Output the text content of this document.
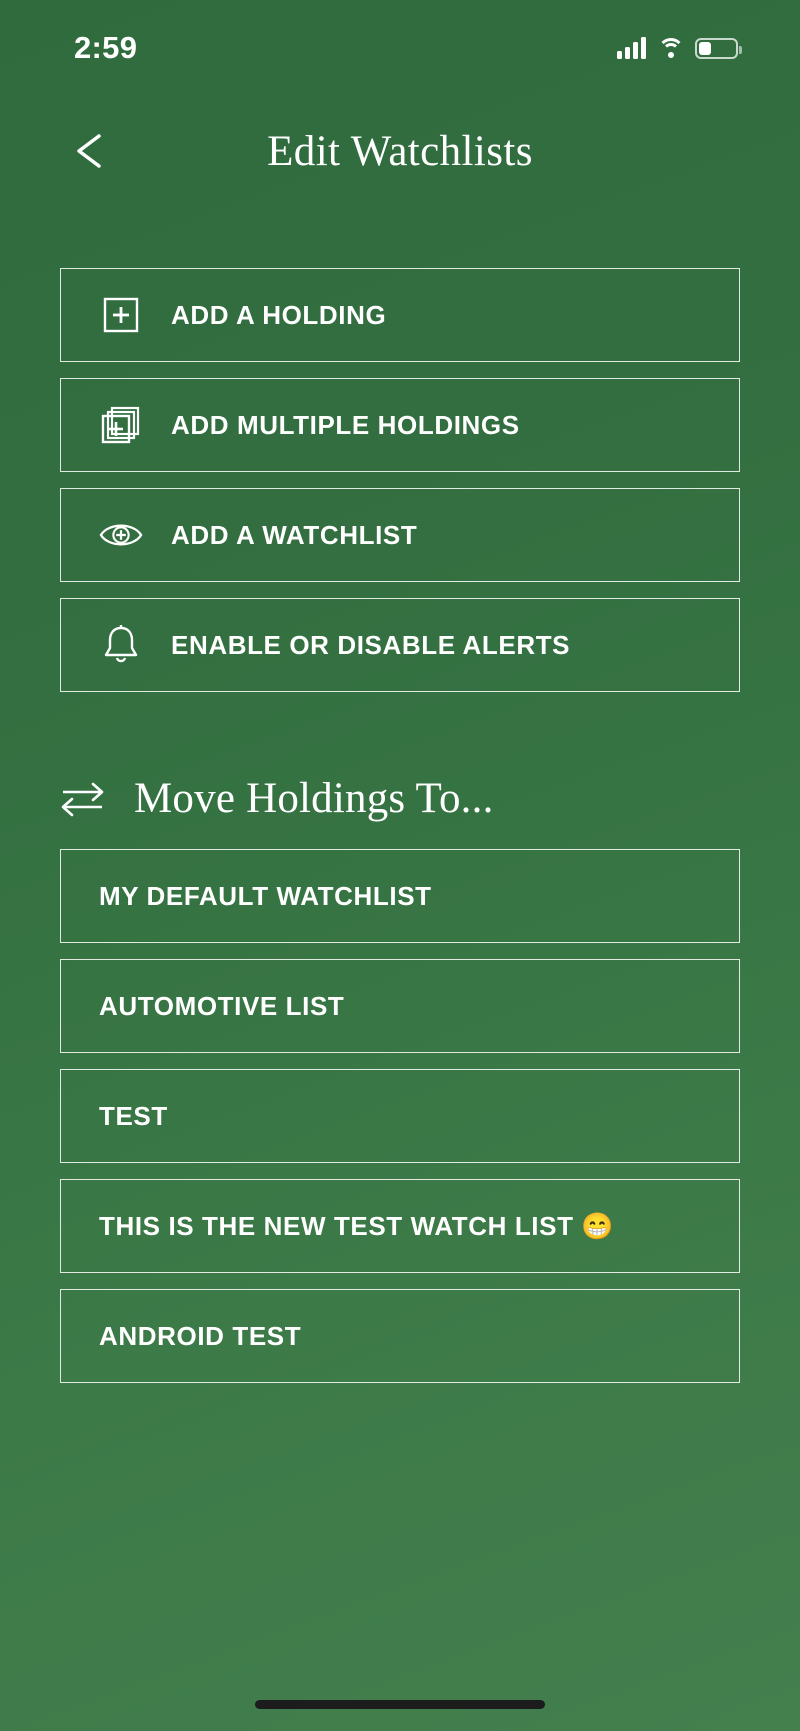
2:59
Edit Watchlists
ADD A HOLDING
ADD MULTIPLE HOLDINGS
ADD A WATCHLIST
ENABLE OR DISABLE ALERTS
Move Holdings To...
MY DEFAULT WATCHLIST
AUTOMOTIVE LIST
TEST
THIS IS THE NEW TEST WATCH LIST 😁
ANDROID TEST
